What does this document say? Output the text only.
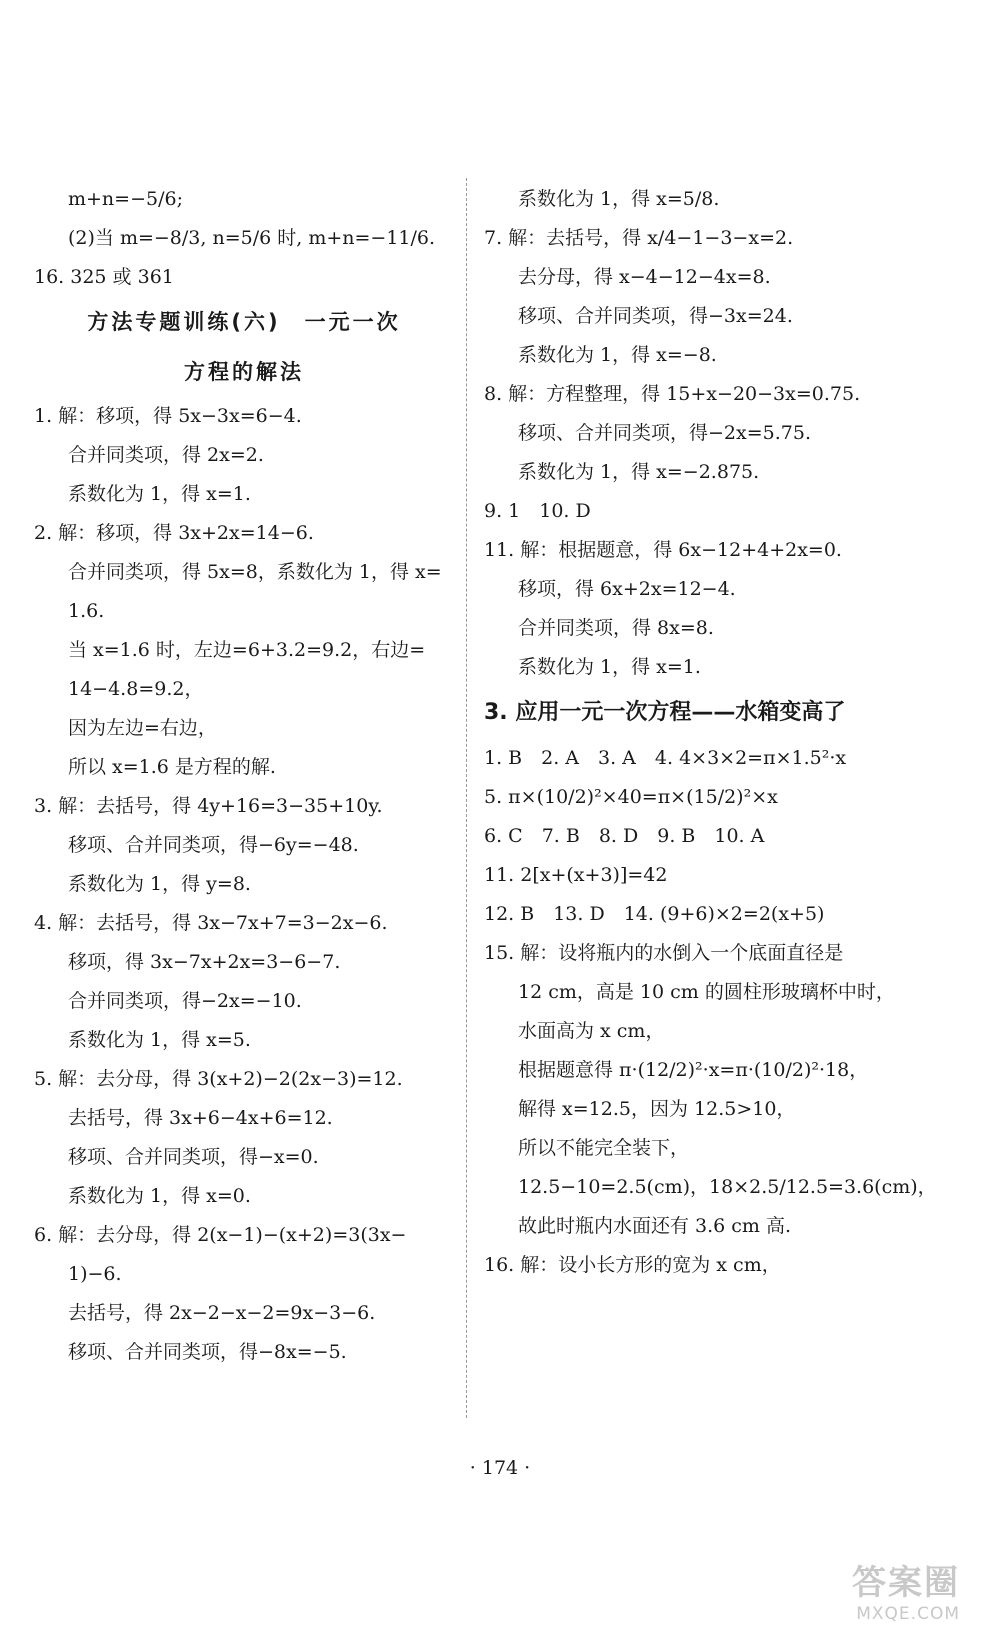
m+n=−5/6;
(2)当 m=−8/3, n=5/6 时, m+n=−11/6.
16. 325 或 361
方法专题训练(六)　一元一次
方程的解法
1. 解：移项，得 5x−3x=6−4.
合并同类项，得 2x=2.
系数化为 1，得 x=1.
2. 解：移项，得 3x+2x=14−6.
合并同类项，得 5x=8，系数化为 1，得 x=
1.6.
当 x=1.6 时，左边=6+3.2=9.2，右边=
14−4.8=9.2，
因为左边=右边，
所以 x=1.6 是方程的解.
3. 解：去括号，得 4y+16=3−35+10y.
移项、合并同类项，得−6y=−48.
系数化为 1，得 y=8.
4. 解：去括号，得 3x−7x+7=3−2x−6.
移项，得 3x−7x+2x=3−6−7.
合并同类项，得−2x=−10.
系数化为 1，得 x=5.
5. 解：去分母，得 3(x+2)−2(2x−3)=12.
去括号，得 3x+6−4x+6=12.
移项、合并同类项，得−x=0.
系数化为 1，得 x=0.
6. 解：去分母，得 2(x−1)−(x+2)=3(3x−
1)−6.
去括号，得 2x−2−x−2=9x−3−6.
移项、合并同类项，得−8x=−5.
系数化为 1，得 x=5/8.
7. 解：去括号，得 x/4−1−3−x=2.
去分母，得 x−4−12−4x=8.
移项、合并同类项，得−3x=24.
系数化为 1，得 x=−8.
8. 解：方程整理，得 15+x−20−3x=0.75.
移项、合并同类项，得−2x=5.75.
系数化为 1，得 x=−2.875.
9. 1　10. D
11. 解：根据题意，得 6x−12+4+2x=0.
移项，得 6x+2x=12−4.
合并同类项，得 8x=8.
系数化为 1，得 x=1.
3. 应用一元一次方程——水箱变高了
1. B　2. A　3. A　4. 4×3×2=π×1.5²·x
5. π×(10/2)²×40=π×(15/2)²×x
6. C　7. B　8. D　9. B　10. A
11. 2[x+(x+3)]=42
12. B　13. D　14. (9+6)×2=2(x+5)
15. 解：设将瓶内的水倒入一个底面直径是
12 cm，高是 10 cm 的圆柱形玻璃杯中时，
水面高为 x cm，
根据题意得 π·(12/2)²·x=π·(10/2)²·18，
解得 x=12.5，因为 12.5>10，
所以不能完全装下，
12.5−10=2.5(cm)，18×2.5/12.5=3.6(cm)，
故此时瓶内水面还有 3.6 cm 高.
16. 解：设小长方形的宽为 x cm，
· 174 ·
答案圈
MXQE.COM
